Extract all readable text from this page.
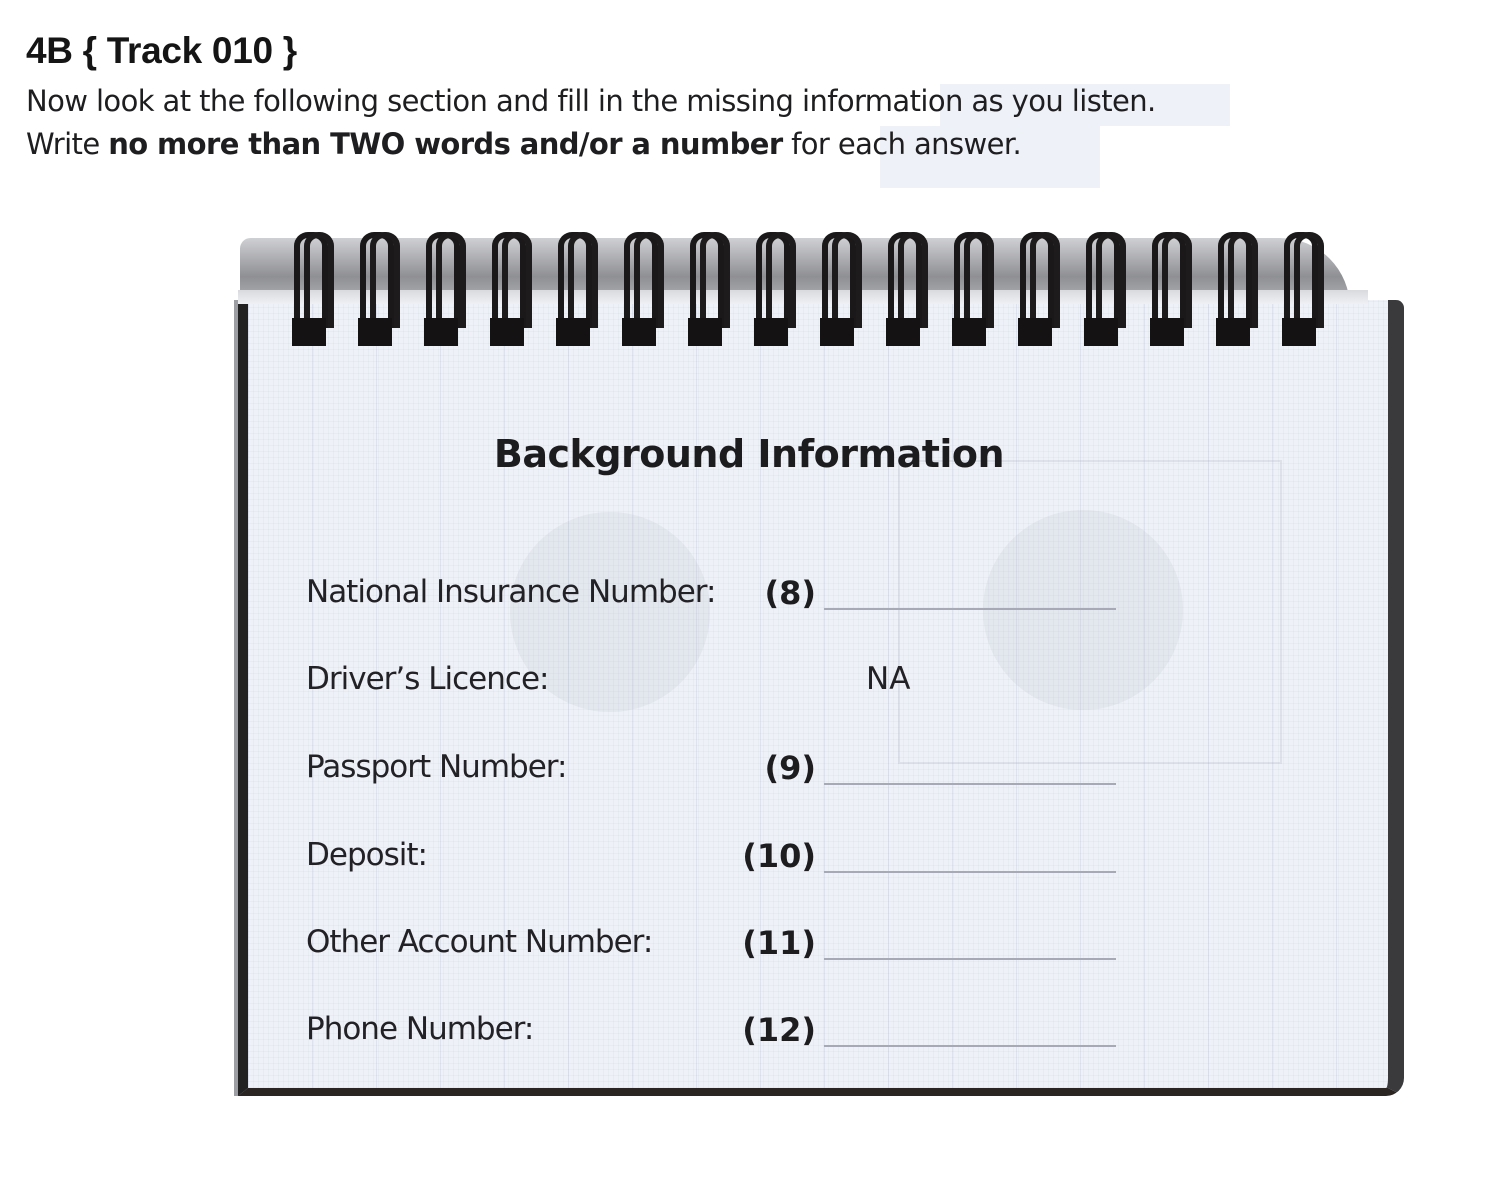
4B { Track 010 }

Now look at the following section and fill in the missing information as you listen.

Write no more than TWO words and/or a number for each answer.

Background Information
National Insurance Number: (8)
Driver’s Licence:	NA
Passport Number:	(9)
Deposit:	(10)
Other Account Number:	(11)
Phone Number:	(12)
